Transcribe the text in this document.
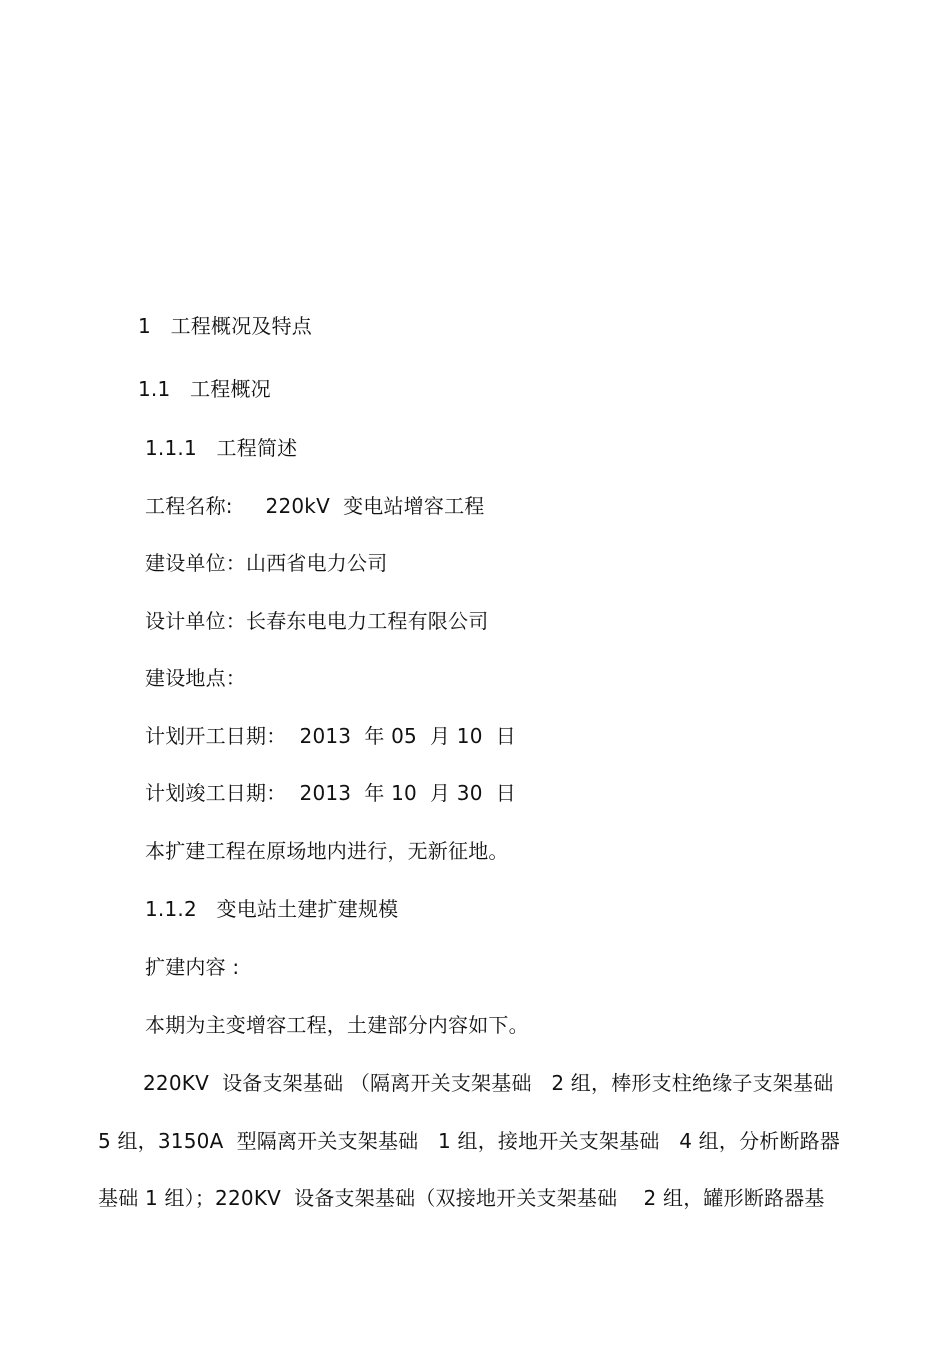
1   工程概况及特点
1.1   工程概况
1.1.1   工程简述
工程名称:     220kV  变电站增容工程
建设单位：山西省电力公司
设计单位：长春东电电力工程有限公司
建设地点：
计划开工日期：  2013  年 05  月 10  日
计划竣工日期：  2013  年 10  月 30  日
本扩建工程在原场地内进行，无新征地。
1.1.2   变电站土建扩建规模
扩建内容 :
本期为主变增容工程，土建部分内容如下。
220KV  设备支架基础 （隔离开关支架基础   2 组，棒形支柱绝缘子支架基础
5 组，3150A  型隔离开关支架基础   1 组，接地开关支架基础   4 组，分析断路器
基础 1 组）；220KV  设备支架基础（双接地开关支架基础    2 组，罐形断路器基
